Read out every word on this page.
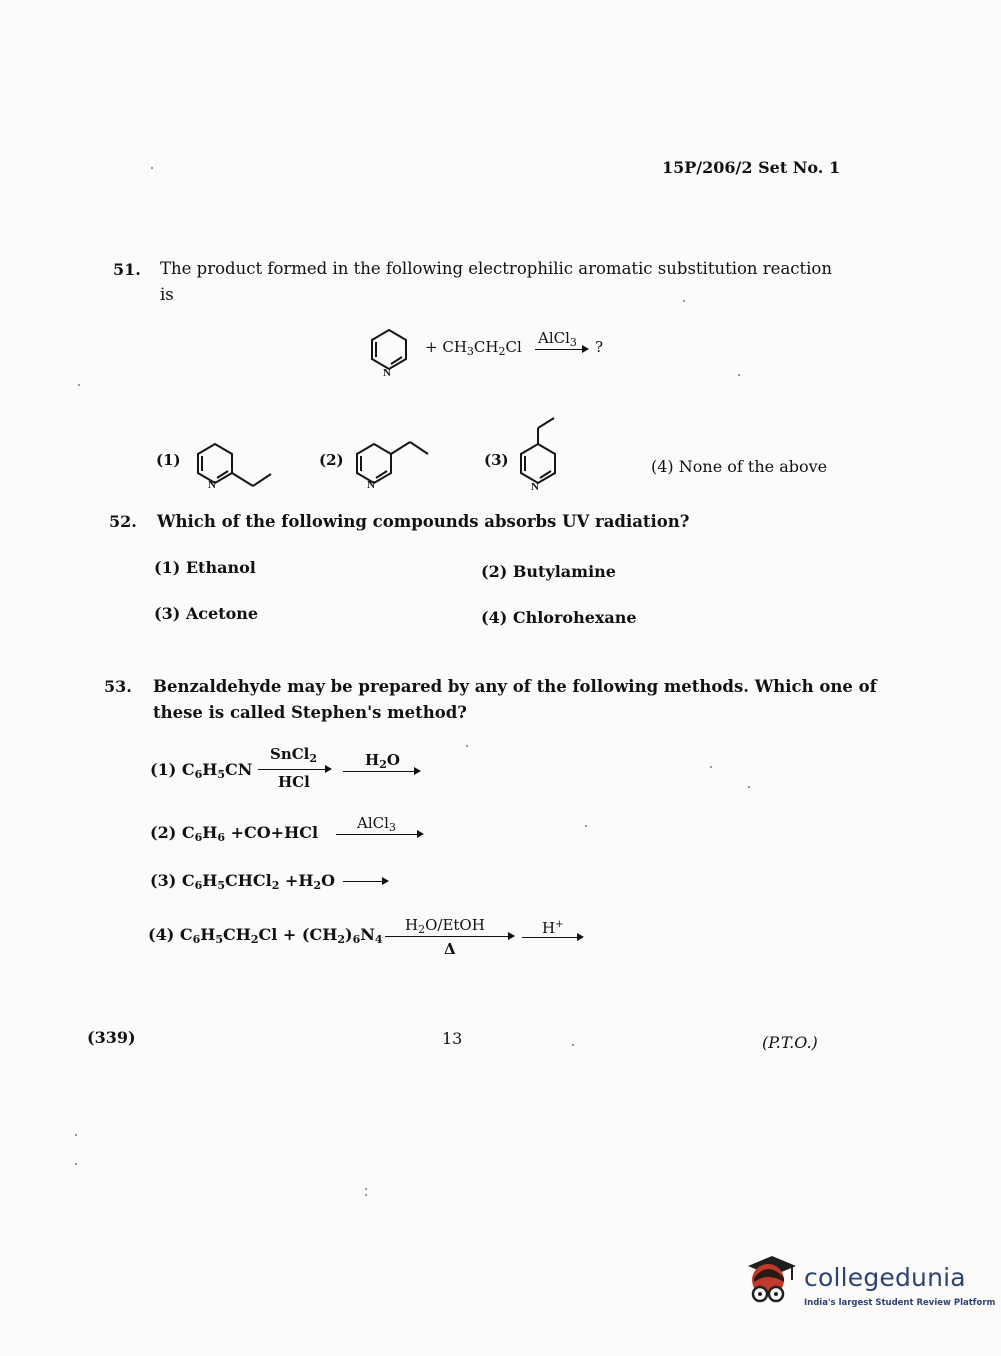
15P/206/2 Set No. 1
51. The product formed in the following electrophilic aromatic substitution reaction
is
N
+ $CH_3CH_2Cl$ AlCl$_3$ → ?
(1)
N
(2)
N
(3)
N
(4) None of the above
52. Which of the following compounds absorbs UV radiation?
(1) Ethanol	(2) Butylamine
(3) Acetone	(4) Chlorohexane
53. Benzaldehyde may be prepared by any of the following methods. Which one of
these is called Stephen's method?
(1) $C_6H_5CN$
SnCl$_2$
HCl
$H_2O$
(2) $C_6H_6 +CO+HCl$	AlCl$_3$
(3) $C_6H_5CHCl_2 +H_2O$
(4) $C_6H_5CH_2Cl + (CH_2)_6N_4$
$H_2O$/EtOH
Δ
H+
(339)	13	(P.T.O.)
collegedunia
India's largest Student Review Platform
